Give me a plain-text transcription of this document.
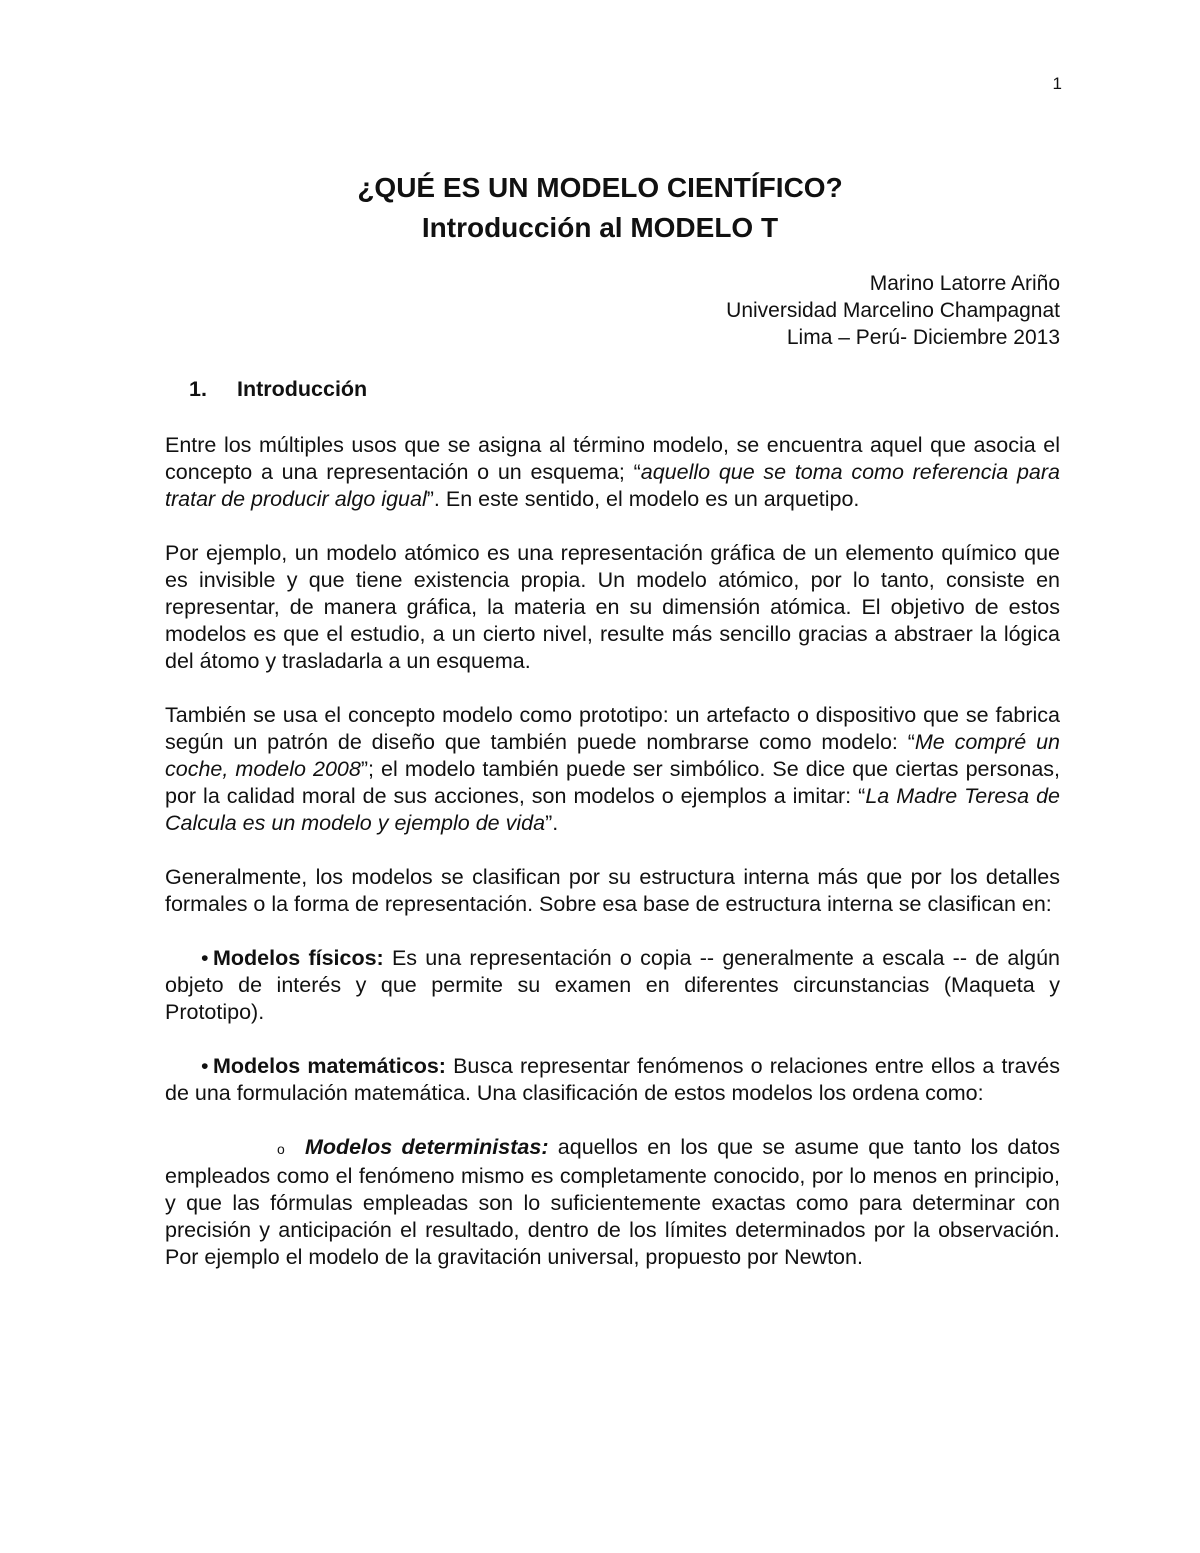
1
¿QUÉ ES UN MODELO CIENTÍFICO?
Introducción al MODELO T
Marino Latorre Ariño
Universidad Marcelino Champagnat
Lima – Perú- Diciembre 2013
1. Introducción

Entre los múltiples usos que se asigna al término modelo, se encuentra aquel que asocia el concepto a una representación o un esquema; “aquello que se toma como referencia para tratar de producir algo igual”. En este sentido, el modelo es un arquetipo.

Por ejemplo, un modelo atómico es una representación gráfica de un elemento químico que es invisible y que tiene existencia propia. Un modelo atómico, por lo tanto, consiste en representar, de manera gráfica, la materia en su dimensión atómica. El objetivo de estos modelos es que el estudio, a un cierto nivel, resulte más sencillo gracias a abstraer la lógica del átomo y trasladarla a un esquema.

También se usa el concepto modelo como prototipo: un artefacto o dispositivo que se fabrica según un patrón de diseño que también puede nombrarse como modelo: “Me compré un coche, modelo 2008”; el modelo también puede ser simbólico. Se dice que ciertas personas, por la calidad moral de sus acciones, son modelos o ejemplos a imitar: “La Madre Teresa de Calcula es un modelo y ejemplo de vida”.

Generalmente, los modelos se clasifican por su estructura interna más que por los detalles formales o la forma de representación. Sobre esa base de estructura interna se clasifican en:

• Modelos físicos: Es una representación o copia -- generalmente a escala -- de algún objeto de interés y que permite su examen en diferentes circunstancias (Maqueta y Prototipo).
• Modelos matemáticos: Busca representar fenómenos o relaciones entre ellos a través de una formulación matemática. Una clasificación de estos modelos los ordena como:
o Modelos deterministas: aquellos en los que se asume que tanto los datos empleados como el fenómeno mismo es completamente conocido, por lo menos en principio, y que las fórmulas empleadas son lo suficientemente exactas como para determinar con precisión y anticipación el resultado, dentro de los límites determinados por la observación. Por ejemplo el modelo de la gravitación universal, propuesto por Newton.
